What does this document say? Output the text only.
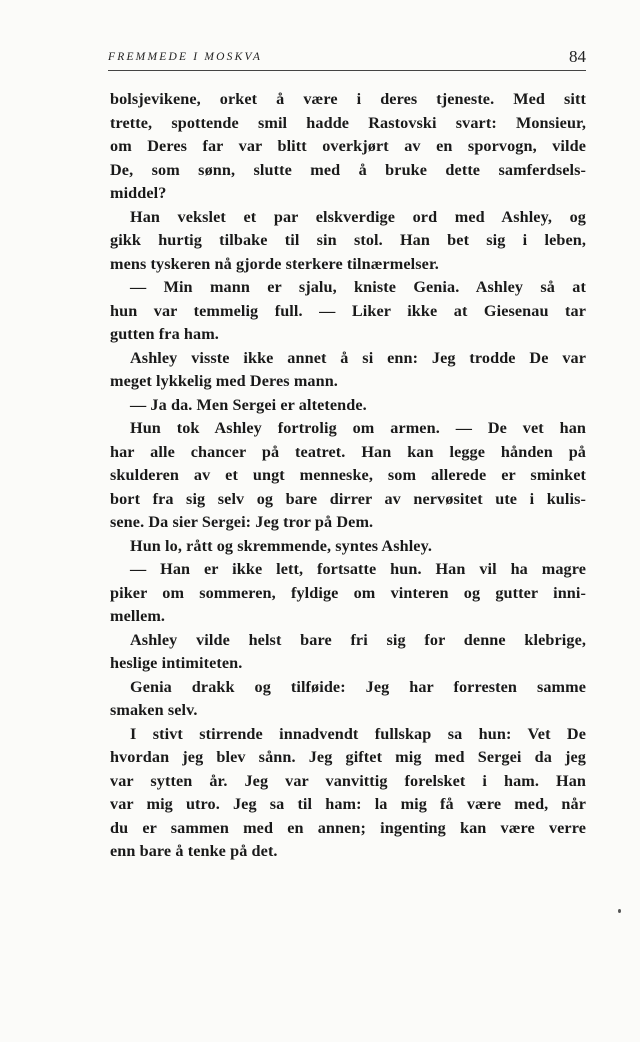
FREMMEDE I MOSKVA	84
bolsjevikene, orket å være i deres tjeneste. Med sitt
trette, spottende smil hadde Rastovski svart: Monsieur,
om Deres far var blitt overkjørt av en sporvogn, vilde
De, som sønn, slutte med å bruke dette samferdsels-
middel?
Han vekslet et par elskverdige ord med Ashley, og
gikk hurtig tilbake til sin stol. Han bet sig i leben,
mens tyskeren nå gjorde sterkere tilnærmelser.
— Min mann er sjalu, kniste Genia. Ashley så at
hun var temmelig full. — Liker ikke at Giesenau tar
gutten fra ham.
Ashley visste ikke annet å si enn: Jeg trodde De var
meget lykkelig med Deres mann.
— Ja da. Men Sergei er altetende.
Hun tok Ashley fortrolig om armen. — De vet han
har alle chancer på teatret. Han kan legge hånden på
skulderen av et ungt menneske, som allerede er sminket
bort fra sig selv og bare dirrer av nervøsitet ute i kulis-
sene. Da sier Sergei: Jeg tror på Dem.
Hun lo, rått og skremmende, syntes Ashley.
— Han er ikke lett, fortsatte hun. Han vil ha magre
piker om sommeren, fyldige om vinteren og gutter inni-
mellem.
Ashley vilde helst bare fri sig for denne klebrige,
heslige intimiteten.
Genia drakk og tilføide: Jeg har forresten samme
smaken selv.
I stivt stirrende innadvendt fullskap sa hun: Vet De
hvordan jeg blev sånn. Jeg giftet mig med Sergei da jeg
var sytten år. Jeg var vanvittig forelsket i ham. Han
var mig utro. Jeg sa til ham: la mig få være med, når
du er sammen med en annen; ingenting kan være verre
enn bare å tenke på det.
